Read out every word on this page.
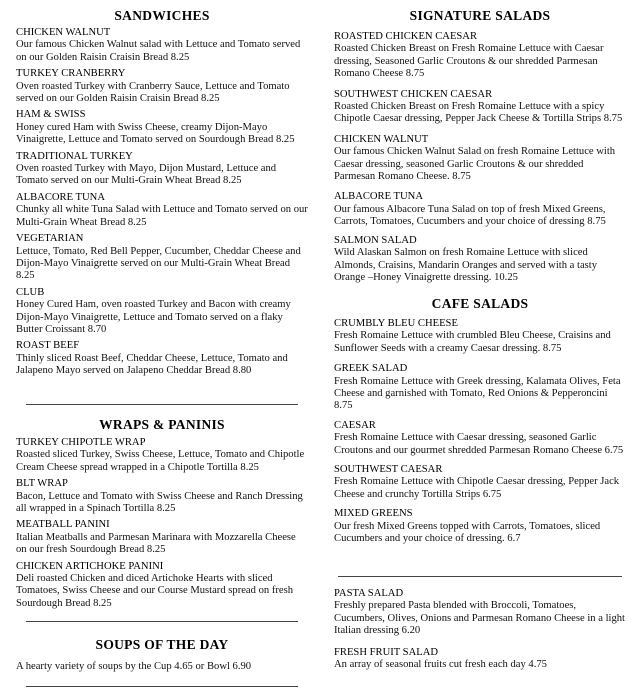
SANDWICHES
CHICKEN WALNUT
Our famous Chicken Walnut salad with Lettuce and Tomato served on our Golden Raisin Craisin Bread 8.25
TURKEY CRANBERRY
Oven roasted Turkey with Cranberry Sauce, Lettuce and Tomato served on our Golden Raisin Craisin Bread 8.25
HAM & SWISS
Honey cured Ham with Swiss Cheese, creamy Dijon-Mayo Vinaigrette, Lettuce and Tomato served on Sourdough Bread 8.25
TRADITIONAL TURKEY
Oven roasted Turkey with Mayo, Dijon Mustard, Lettuce and Tomato served on our Multi-Grain Wheat Bread 8.25
ALBACORE TUNA
Chunky all white Tuna Salad with Lettuce and Tomato served on our Multi-Grain Wheat Bread 8.25
VEGETARIAN
Lettuce, Tomato, Red Bell Pepper, Cucumber, Cheddar Cheese and Dijon-Mayo Vinaigrette served on our Multi-Grain Wheat Bread 8.25
CLUB
Honey Cured Ham, oven roasted Turkey and Bacon with creamy Dijon-Mayo Vinaigrette, Lettuce and Tomato served on a flaky Butter Croissant 8.70
ROAST BEEF
Thinly sliced Roast Beef, Cheddar Cheese, Lettuce, Tomato and Jalapeno Mayo served on Jalapeno Cheddar Bread 8.80
WRAPS & PANINIS
TURKEY CHIPOTLE WRAP
Roasted sliced Turkey, Swiss Cheese, Lettuce, Tomato and Chipotle Cream Cheese spread wrapped in a Chipotle Tortilla 8.25
BLT WRAP
Bacon, Lettuce and Tomato with Swiss Cheese and Ranch Dressing all wrapped in a Spinach Tortilla 8.25
MEATBALL PANINI
Italian Meatballs and Parmesan Marinara with Mozzarella Cheese on our fresh Sourdough Bread 8.25
CHICKEN ARTICHOKE PANINI
Deli roasted Chicken and diced Artichoke Hearts with sliced Tomatoes, Swiss Cheese and our Course Mustard spread on fresh Sourdough Bread 8.25
SOUPS OF THE DAY
A hearty variety of soups by the Cup 4.65 or Bowl 6.90
SIGNATURE SALADS
ROASTED CHICKEN CAESAR
Roasted Chicken Breast on Fresh Romaine Lettuce with Caesar dressing, Seasoned Garlic Croutons & our shredded Parmesan Romano Cheese 8.75
SOUTHWEST CHICKEN CAESAR
Roasted Chicken Breast on Fresh Romaine Lettuce with a spicy Chipotle Caesar dressing, Pepper Jack Cheese & Tortilla Strips 8.75
CHICKEN WALNUT
Our famous Chicken Walnut Salad on fresh Romaine Lettuce with Caesar dressing, seasoned Garlic Croutons & our shredded Parmesan Romano Cheese. 8.75
ALBACORE TUNA
Our famous Albacore Tuna Salad on top of fresh Mixed Greens, Carrots, Tomatoes, Cucumbers and your choice of dressing 8.75
SALMON SALAD
Wild Alaskan Salmon on fresh Romaine Lettuce with sliced Almonds, Craisins, Mandarin Oranges and served with a tasty Orange –Honey Vinaigrette dressing. 10.25
CAFE SALADS
CRUMBLY BLEU CHEESE
Fresh Romaine Lettuce with crumbled Bleu Cheese, Craisins and Sunflower Seeds with a creamy Caesar dressing. 8.75
GREEK SALAD
Fresh Romaine Lettuce with Greek dressing, Kalamata Olives, Feta Cheese and garnished with Tomato, Red Onions & Pepperoncini 8.75
CAESAR
Fresh Romaine Lettuce with Caesar dressing, seasoned Garlic Croutons and our gourmet shredded Parmesan Romano Cheese 6.75
SOUTHWEST CAESAR
Fresh Romaine Lettuce with Chipotle Caesar dressing, Pepper Jack Cheese and crunchy Tortilla Strips 6.75
MIXED GREENS
Our fresh Mixed Greens topped with Carrots, Tomatoes, sliced Cucumbers and your choice of dressing. 6.7
PASTA SALAD
Freshly prepared Pasta blended with Broccoli, Tomatoes, Cucumbers, Olives, Onions and Parmesan Romano Cheese in a light Italian dressing 6.20
FRESH FRUIT SALAD
An array of seasonal fruits cut fresh each day 4.75
